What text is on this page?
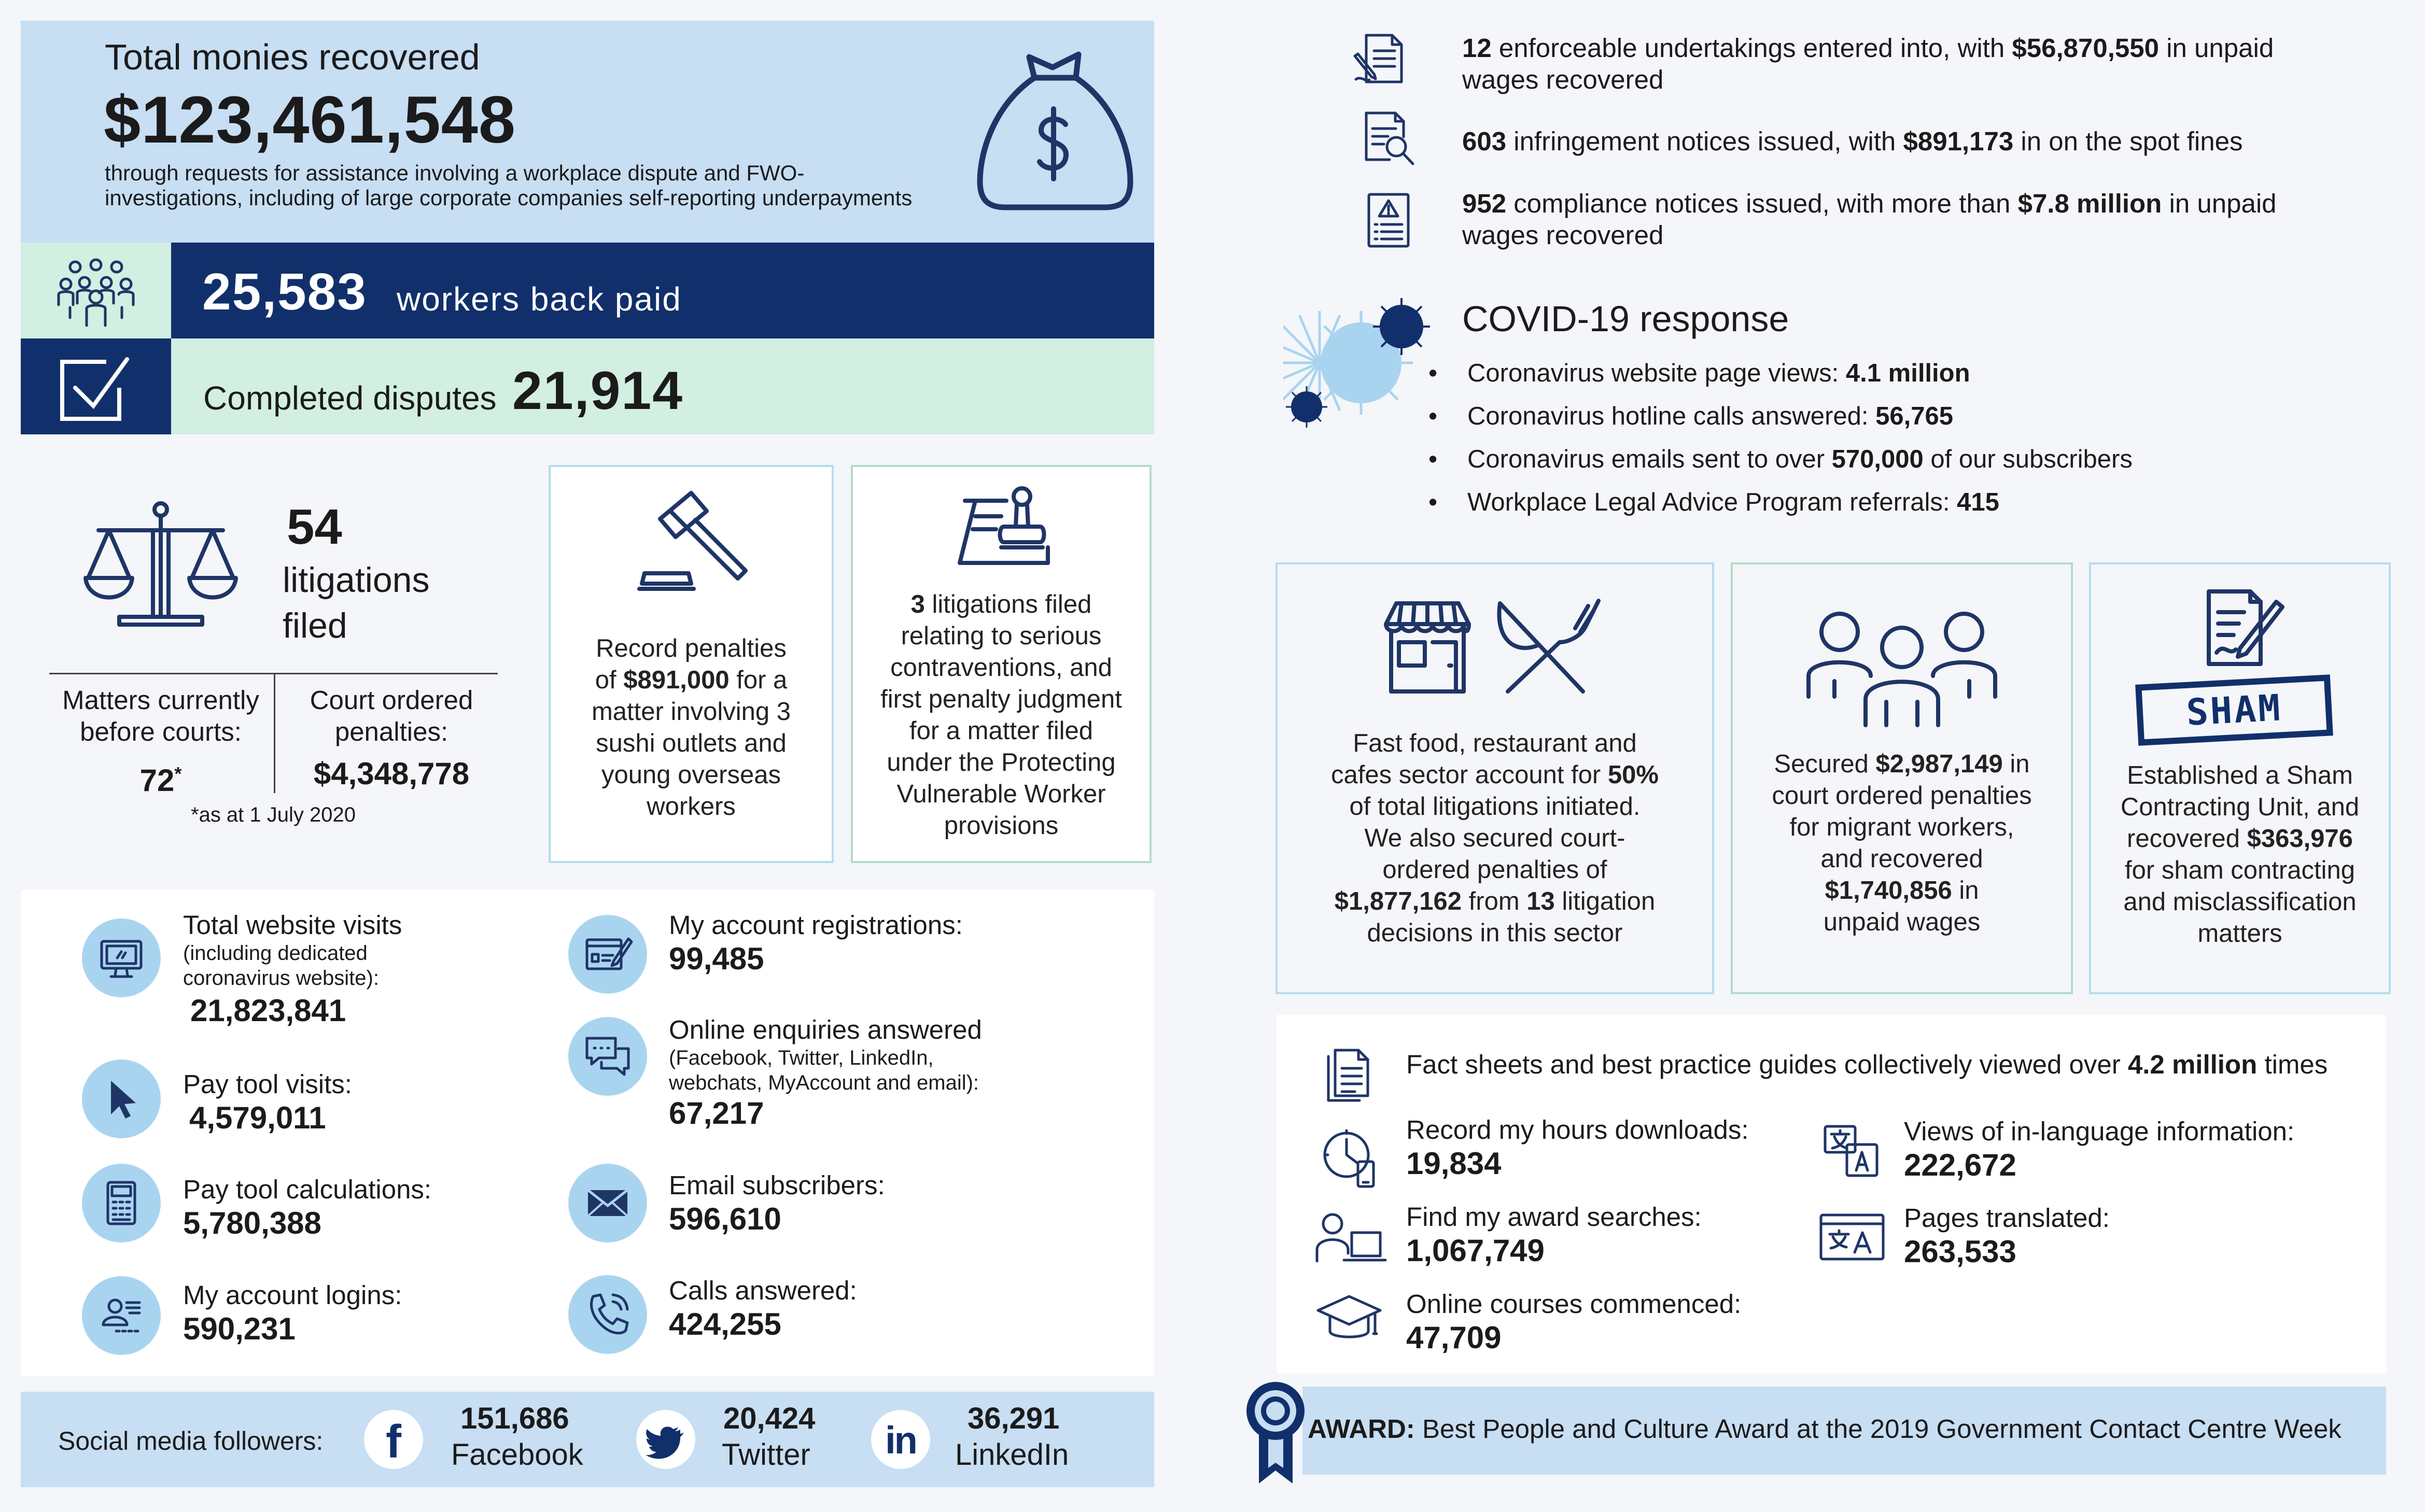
Total monies recovered
$123,461,548
through requests for assistance involving a workplace dispute and FWO-
investigations, including of large corporate companies self-reporting underpayments
25,583 workers back paid
Completed disputes 21,914
54
litigations
filed
Matters currently
before courts:
72*
Court ordered
penalties:
$4,348,778
*as at 1 July 2020
Record penalties
of $891,000 for a
matter involving 3
sushi outlets and
young overseas
workers
3 litigations filed
relating to serious
contraventions, and
first penalty judgment
for a matter filed
under the Protecting
Vulnerable Worker
provisions
Total website visits
(including dedicated
coronavirus website):
21,823,841
Pay tool visits:
4,579,011
Pay tool calculations:
5,780,388
My account logins:
590,231
My account registrations:
99,485
Online enquiries answered
(Facebook, Twitter, LinkedIn,
webchats, MyAccount and email):
67,217
Email subscribers:
596,610
Calls answered:
424,255
Social media followers:	f	151,686
Facebook
20,424
Twitter	in
36,291
LinkedIn
12 enforceable undertakings entered into, with $56,870,550 in unpaid
wages recovered
603 infringement notices issued, with $891,173 in on the spot fines
952 compliance notices issued, with more than $7.8 million in unpaid
wages recovered
COVID-19 response
• Coronavirus website page views: 4.1 million
• Coronavirus hotline calls answered: 56,765
• Coronavirus emails sent to over 570,000 of our subscribers
• Workplace Legal Advice Program referrals: 415
Fast food, restaurant and
cafes sector account for 50%
of total litigations initiated.
We also secured court-
ordered penalties of
$1,877,162 from 13 litigation
decisions in this sector
Secured $2,987,149 in
court ordered penalties
for migrant workers,
and recovered
$1,740,856 in
unpaid wages
SHAM
Established a Sham
Contracting Unit, and
recovered $363,976
for sham contracting
and misclassification
matters
Fact sheets and best practice guides collectively viewed over 4.2 million times
Record my hours downloads:
19,834
Find my award searches:
1,067,749
Online courses commenced:
47,709
Views of in-language information:
222,672
Pages translated:
263,533
AWARD: Best People and Culture Award at the 2019 Government Contact Centre Week
